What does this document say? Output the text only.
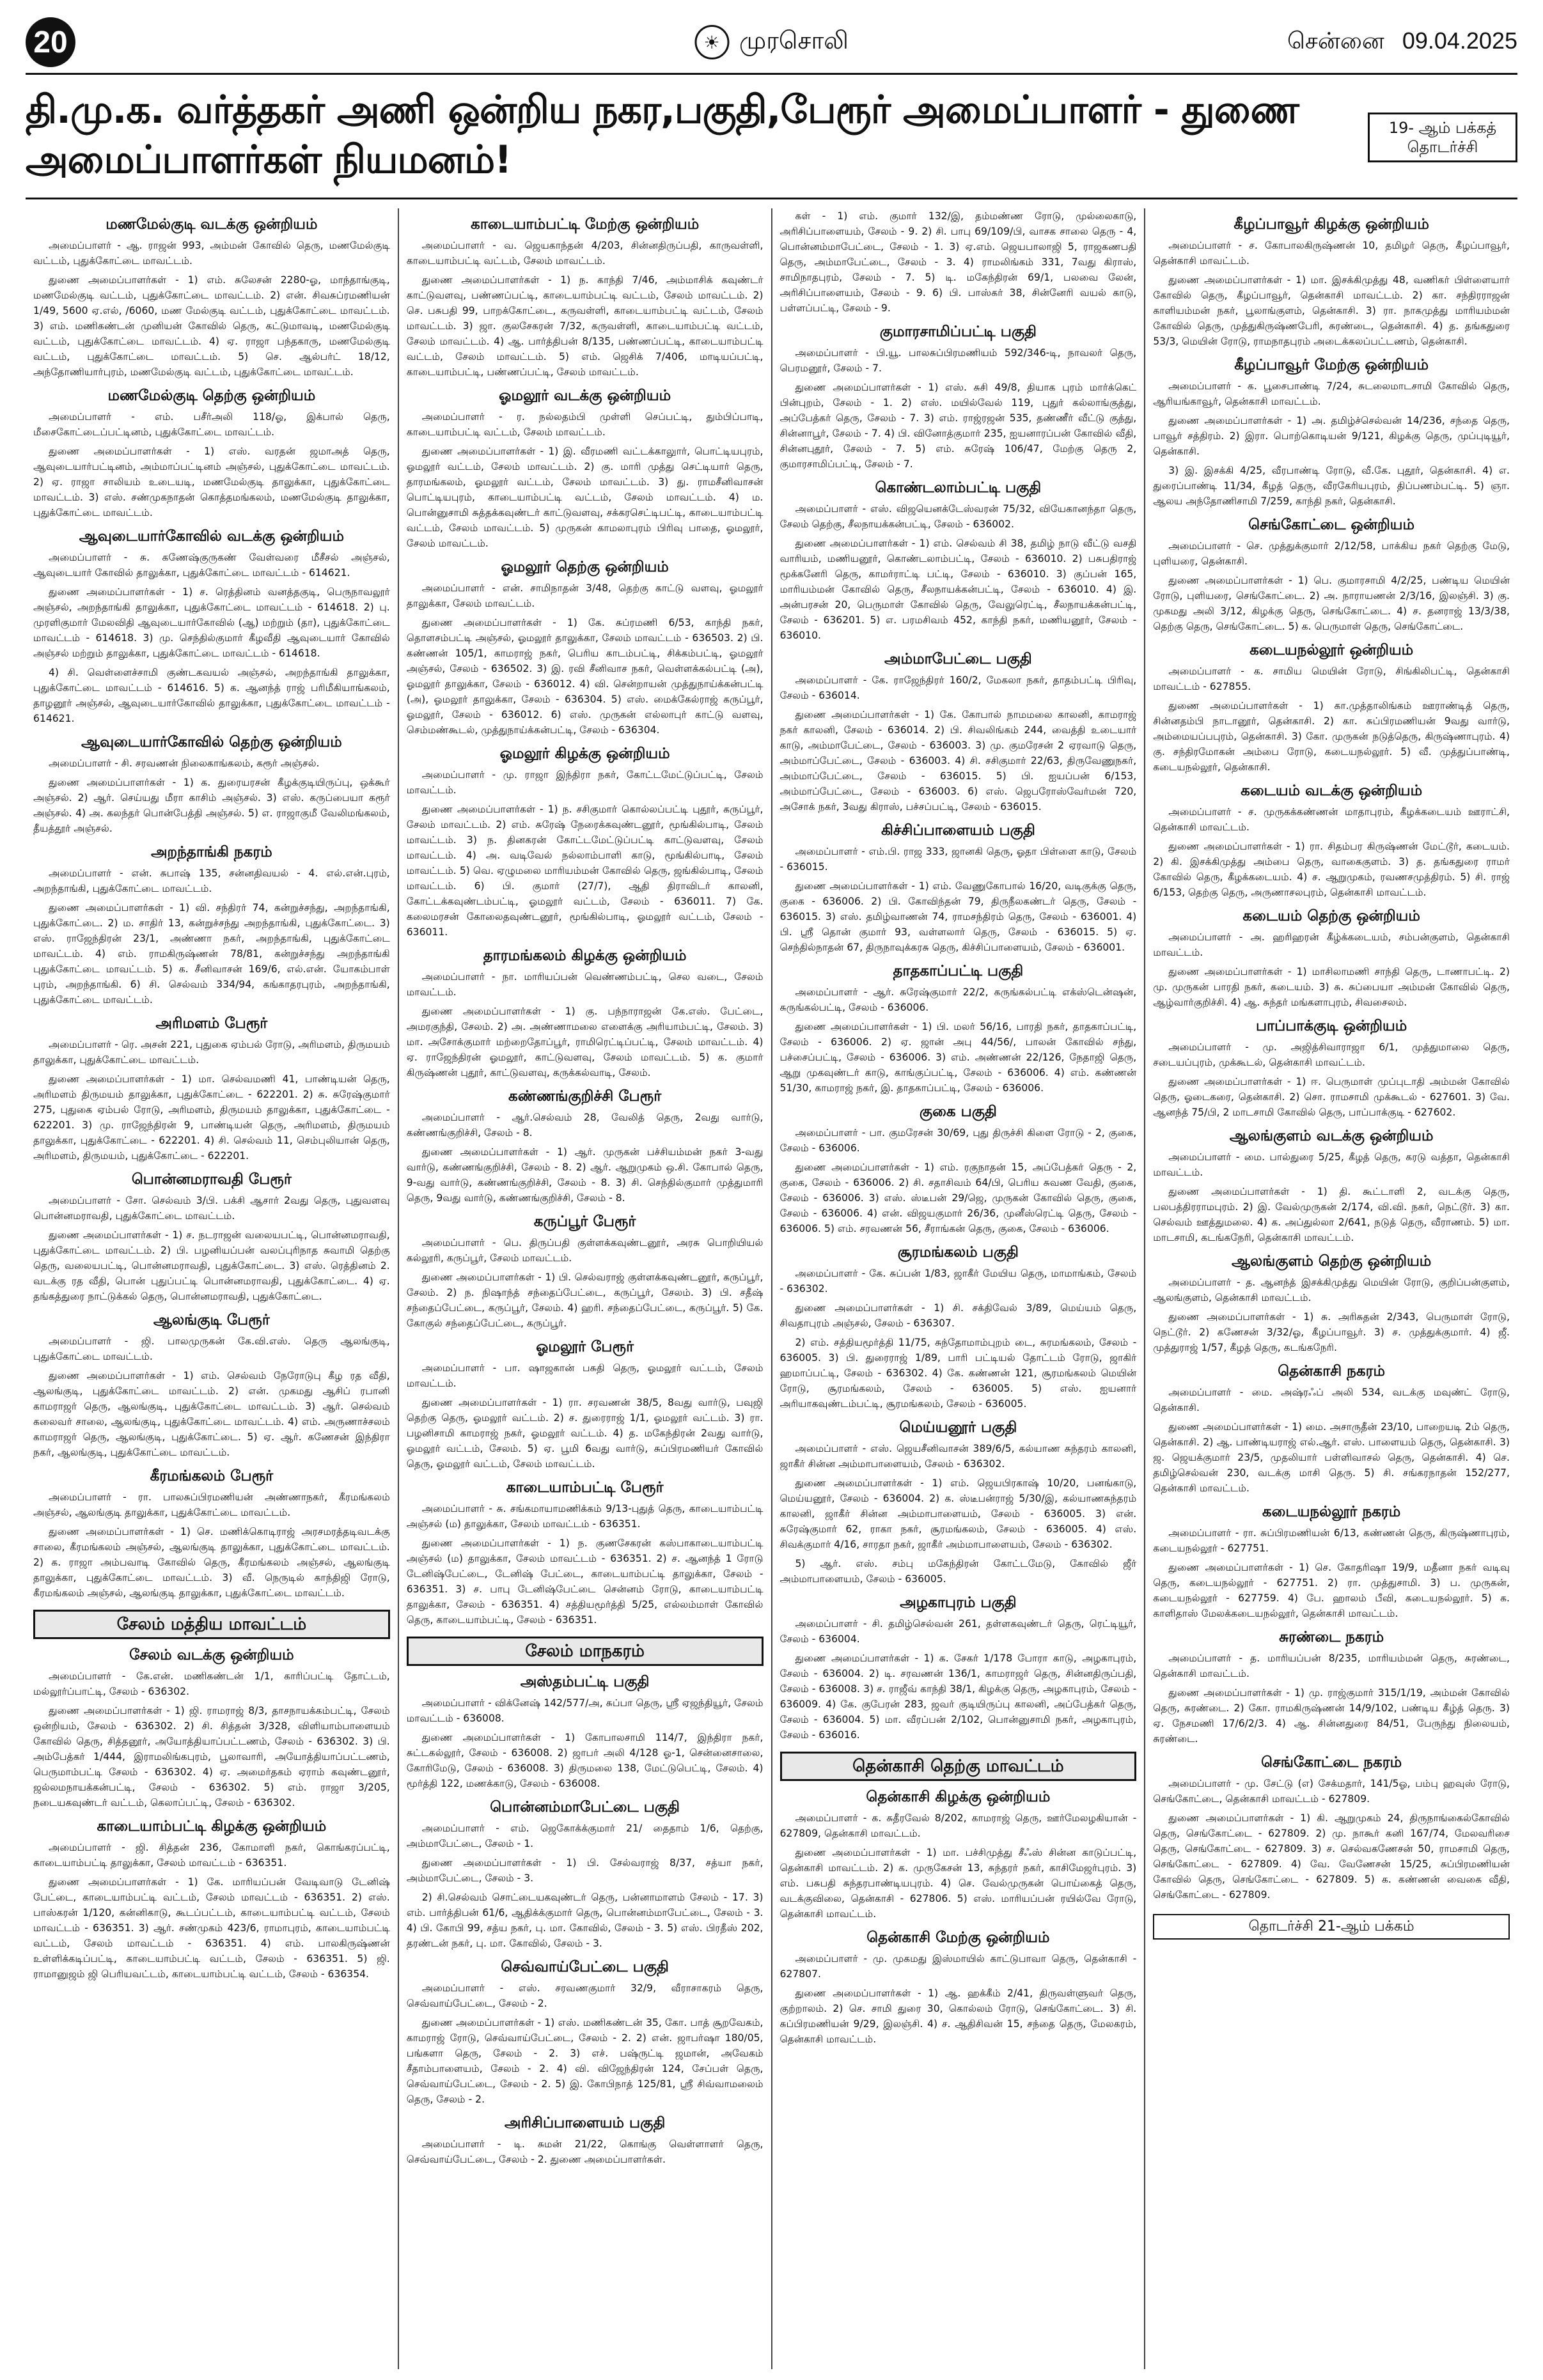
20	☀ முரசொலி	சென்னை 09.04.2025
தி.மு.க. வர்த்தகர் அணி ஒன்றிய நகர,பகுதி,பேரூர் அமைப்பாளர் - துணை அமைப்பாளர்கள் நியமனம்!
19- ஆம் பக்கத் தொடர்ச்சி
மணமேல்குடி வடக்கு ஒன்றியம்
அமைப்பாளர் - ஆ. ராஜன் 993, அம்மன் கோவில் தெரு, மணமேல்குடி வட்டம், புதுக்கோட்டை மாவட்டம்.
துணை அமைப்பாளர்கள் - 1) எம். சுலேசன் 2280-ஓ, மாந்தாங்குடி, மணமேல்குடி வட்டம், புதுக்கோட்டை மாவட்டம். 2) என். சிவசுப்ரமணியன் 1/49, 5600 ஏ.எல், /6060, மண மேல்குடி வட்டம், புதுக்கோட்டை மாவட்டம். 3) எம். மணிகண்டன் முனியன் கோவில் தெரு, கட்டுமாவடி, மணமேல்குடி வட்டம், புதுக்கோட்டை மாவட்டம். 4) ஏ. ராஜா பந்தகாரு, மணமேல்குடி வட்டம், புதுக்கோட்டை மாவட்டம். 5) செ. ஆல்பர்ட் 18/12, அந்தோணியார்புரம், மணமேல்குடி வட்டம், புதுக்கோட்டை மாவட்டம்.
மணமேல்குடி தெற்கு ஒன்றியம்
அமைப்பாளர் - எம். பசீர்அலி 118/ஓ, இக்பால் தெரு, மீசைகோட்டைப்பட்டினம், புதுக்கோட்டை மாவட்டம்.
துணை அமைப்பாளர்கள் - 1) எஸ். வரதன் ஜமாஅத் தெரு, ஆவுடையார்பட்டினம், அம்மாப்பட்டினம் அஞ்சல், புதுக்கோட்டை மாவட்டம். 2) ஏ. ராஜா சாலியம் உடையடி, மணமேல்குடி தாலுக்கா, புதுக்கோட்டை மாவட்டம். 3) எஸ். சண்முகநாதன் கொத்தமங்கலம், மணமேல்குடி தாலுக்கா, புதுக்கோட்டை மாவட்டம்.
ஆவுடையார்கோவில் வடக்கு ஒன்றியம்
அமைப்பாளர் - சு. கணேஷ்குருகண் வேள்வரை மீசீசல் அஞ்சல், ஆவுடையார் கோவில் தாலுக்கா, புதுக்கோட்டை மாவட்டம் - 614621.
துணை அமைப்பாளர்கள் - 1) ச. ரெத்தினம் வனத்தகுடி, பெருநாவலூர் அஞ்சல், அறந்தாங்கி தாலுக்கா, புதுக்கோட்டை மாவட்டம் - 614618. 2) பு. முரளிகுமார் மேலவிதி ஆவுடையார்கோவில் (ஆ) மற்றும் (தா), புதுக்கோட்டை மாவட்டம் - 614618. 3) மு. செந்தில்குமார் கீழவீதி ஆவுடையார் கோவில் அஞ்சல் மற்றும் தாலுக்கா, புதுக்கோட்டை மாவட்டம் - 614618.
4) சி. வெள்ளைச்சாமி குண்டகவயல் அஞ்சல், அறந்தாங்கி தாலுக்கா, புதுக்கோட்டை மாவட்டம் - 614616. 5) க. ஆனந்த் ராஜ் பரிமீகியாங்கலம், தாழனூர் அஞ்சல், ஆவுடையார்கோவில் தாலுக்கா, புதுக்கோட்டை மாவட்டம் - 614621.
ஆவுடையார்கோவில் தெற்கு ஒன்றியம்
அமைப்பாளர் - சி. சரவணன் நிலைகாங்கலம், கரூர் அஞ்சல்.
துணை அமைப்பாளர்கள் - 1) க. துரையரசன் கீழக்குடியிருப்பு, ஒக்கூர் அஞ்சல். 2) ஆர். செய்யது மீரா காசிம் அஞ்சல். 3) எஸ். கருப்பையா கரூர் அஞ்சல். 4) அ. கலந்தர் பொன்பேத்தி அஞ்சல். 5) எ. ராஜாகுமீ வேலிமங்கலம், தீயத்தூர் அஞ்சல்.
அறந்தாங்கி நகரம்
அமைப்பாளர் - என். சுபாஷ் 135, சன்னதிவயல் - 4. எல்.என்.புரம், அறந்தாங்கி, புதுக்கோட்டை மாவட்டம்.
துணை அமைப்பாளர்கள் - 1) வி. சந்திரர் 74, கன்றுச்சந்து, அறந்தாங்கி, புதுக்கோட்டை. 2) ம. சாதிர் 13, கன்றுச்சந்து அறந்தாங்கி, புதுக்கோட்டை. 3) எஸ். ராஜேந்திரன் 23/1, அண்ணா நகர், அறந்தாங்கி, புதுக்கோட்டை மாவட்டம். 4) எம். ராமகிருஷ்ணன் 78/81, கன்றுச்சந்து அறந்தாங்கி புதுக்கோட்டை மாவட்டம். 5) க. சீனிவாசன் 169/6, எல்.என். யோகம்பாள் புரம், அறந்தாங்கி. 6) சி. செல்வம் 334/94, கங்காதரபுரம், அறந்தாங்கி, புதுக்கோட்டை மாவட்டம்.
அரிமளம் பேரூர்
அமைப்பாளர் - ரெ. அசன் 221, புதுகை ஏம்பல் ரோடு, அரிமளம், திருமயம் தாலுக்கா, புதுக்கோட்டை மாவட்டம்.
துணை அமைப்பாளர்கள் - 1) மா. செல்வமணி 41, பாண்டியன் தெரு, அரிமளம் திருமயம் தாலுக்கா, புதுக்கோட்டை - 622201. 2) சு. சுரேஷ்குமார் 275, புதுகை ஏம்பல் ரோடு, அரிமளம், திருமயம் தாலுக்கா, புதுக்கோட்டை - 622201. 3) மு. ராஜேந்திரன் 9, பாண்டியன் தெரு, அரிமளம், திருமயம் தாலுக்கா, புதுக்கோட்டை - 622201. 4) சி. செல்வம் 11, செம்புலியான் தெரு, அரிமளம், திருமயம், புதுக்கோட்டை - 622201.
பொன்னமராவதி பேரூர்
அமைப்பாளர் - சோ. செல்வம் 3/பி. பக்சி ஆசார் 2வது தெரு, புதுவளவு பொன்னமராவதி, புதுக்கோட்டை மாவட்டம்.
துணை அமைப்பாளர்கள் - 1) ச. நடராஜன் வலையபட்டி, பொன்னமராவதி, புதுக்கோட்டை மாவட்டம். 2) பி. பழனியப்பன் வலப்புரிநாத சுவாமி தெற்கு தெரு, வலையபட்டி, பொன்னமராவதி, புதுக்கோட்டை. 3) எஸ். ரெத்தினம் 2. வடக்கு ரத வீதி, பொன் புதுப்பட்டி பொன்னமராவதி, புதுக்கோட்டை. 4) ஏ. தங்கத்துரை நாட்டுக்கல் தெரு, பொன்னமராவதி, புதுக்கோட்டை.
ஆலங்குடி பேரூர்
அமைப்பாளர் - ஜி. பாலமுருகன் கே.வி.எஸ். தெரு ஆலங்குடி, புதுக்கோட்டை மாவட்டம்.
துணை அமைப்பாளர்கள் - 1) எம். செல்வம் நேரோடுபு கீழ ரத வீதி, ஆலங்குடி, புதுக்கோட்டை மாவட்டம். 2) என். முகமது ஆசிப் ரபானி காமராஜர் தெரு, ஆலங்குடி, புதுக்கோட்டை மாவட்டம். 3) ஆர். செல்வம் கலைவர் சாலை, ஆலங்குடி, புதுக்கோட்டை மாவட்டம். 4) எம். அருணாச்சலம் காமராஜர் தெரு, ஆலங்குடி, புதுக்கோட்டை. 5) ஏ. ஆர். கணேசன் இந்திரா நகர், ஆலங்குடி, புதுக்கோட்டை மாவட்டம்.
கீரமங்கலம் பேரூர்
அமைப்பாளர் - ரா. பாலசுப்பிரமணியன் அண்ணாநகர், கீரமங்கலம் அஞ்சல், ஆலங்குடி தாலுக்கா, புதுக்கோட்டை மாவட்டம்.
துணை அமைப்பாளர்கள் - 1) செ. மணிக்கொடிராஜ் அரசமரத்தடிவடக்கு சாலை, கீரமங்கலம் அஞ்சல், ஆலங்குடி தாலுக்கா, புதுக்கோட்டை மாவட்டம். 2) க. ராஜா அம்பவாடி கோவில் தெரு, கீரமங்கலம் அஞ்சல், ஆலங்குடி தாலுக்கா, புதுக்கோட்டை மாவட்டம். 3) வீ. நெருடில் காந்திஜி ரோடு, கீரமங்கலம் அஞ்சல், ஆலங்குடி தாலுக்கா, புதுக்கோட்டை மாவட்டம்.
சேலம் மத்திய மாவட்டம்
சேலம் வடக்கு ஒன்றியம்
அமைப்பாளர் - கே.என். மணிகண்டன் 1/1, காரிப்பட்டி தோட்டம், மல்லூர்ப்பாட்டி, சேலம் - 636302.
துணை அமைப்பாளர்கள் - 1) ஜி. ராமராஜ் 8/3, தாசநாயக்கம்பட்டி, சேலம் ஒன்றியம், சேலம் - 636302. 2) சி. சித்தன் 3/328, விளியாம்பாளையம் கோவில் தெரு, சித்தனூர், அயோத்தியாப்பட்டணம், சேலம் - 636302. 3) பி. அம்பேத்கர் 1/444, இராமலிங்கபுரம், பூலாவாரி, அயோத்தியாப்பட்டணம், பெருமாம்பட்டி சேலம் - 636302. 4) ஏ. அமைர்தகம் ஏராம் கவுண்டனூர், ஜல்லமநாயக்கன்பட்டி, சேலம் - 636302. 5) எம். ராஜா 3/205, நடையகவுண்டர் வட்டம், கெலாப்பட்டி, சேலம் - 636302.
காடையாம்பட்டி கிழக்கு ஒன்றியம்
அமைப்பாளர் - ஜி. சித்தன் 236, கோமாளி நகர், கொங்கரப்பட்டி, காடையாம்பட்டி தாலுக்கா, சேலம் மாவட்டம் - 636351.
துணை அமைப்பாளர்கள் - 1) கே. மாரியப்பன் வேடிவாடு டேனிஷ் பேட்டை, காடையாம்பட்டி வட்டம், சேலம் மாவட்டம் - 636351. 2) எஸ். பாஸ்கரன் 1/120, கன்னிகாடு, கூடப்பட்டம், காடையாம்பட்டி வட்டம், சேலம் மாவட்டம் - 636351. 3) ஆர். சண்முகம் 423/6, ராமாபுரம், காடையாம்பட்டி வட்டம், சேலம் மாவட்டம் - 636351. 4) எம். பாலகிருஷ்ணன் உள்ளிக்கடிப்பட்டி, காடையாம்பட்டி வட்டம், சேலம் - 636351. 5) ஜி. ராமானுஜம் ஜி பெரியவட்டம், காடையாம்பட்டி வட்டம், சேலம் - 636354.
காடையாம்பட்டி மேற்கு ஒன்றியம்
அமைப்பாளர் - வ. ஜெயகாந்தன் 4/203, சின்னதிருப்பதி, காருவள்ளி, காடையாம்பட்டி வட்டம், சேலம் மாவட்டம்.
துணை அமைப்பாளர்கள் - 1) ந. காந்தி 7/46, அம்மாசிக் கவுண்டர் காட்டுவளவு, பண்ணப்பட்டி, காடையாம்பட்டி வட்டம், சேலம் மாவட்டம். 2) செ. பசுபதி 99, பாறக்கோட்டை, கருவள்ளி, காடையாம்பட்டி வட்டம், சேலம் மாவட்டம். 3) ஜா. குலசேகரன் 7/32, கருவள்ளி, காடையாம்பட்டி வட்டம், சேலம் மாவட்டம். 4) ஆ. பார்த்திபன் 8/135, பண்ணப்பட்டி, காடையாம்பட்டி வட்டம், சேலம் மாவட்டம். 5) எம். ஜெசிக் 7/406, மாடியப்பட்டி, காடையாம்பட்டி, பண்ணப்பட்டி, சேலம் மாவட்டம்.
ஓமலூர் வடக்கு ஒன்றியம்
அமைப்பாளர் - ர. நல்லதம்பி முள்ளி செப்பட்டி, தும்பிப்பாடி, காடையாம்பட்டி வட்டம், சேலம் மாவட்டம்.
துணை அமைப்பாளர்கள் - 1) இ. வீரமணி வட்டக்காலுார், பொட்டியபுரம், ஓமலூர் வட்டம், சேலம் மாவட்டம். 2) கு. மாரி முத்து செட்டியார் தெரு, தாரமங்கலம், ஓமலூர் வட்டம், சேலம் மாவட்டம். 3) து. ராமசீனிவாசன் பொட்டியபுரம், காடையாம்பட்டி வட்டம், சேலம் மாவட்டம். 4) ம. பொன்னுசாமி சுத்தக்கவுண்டர் காட்டுவளவு, சக்கரசெட்டிபட்டி, காடையாம்பட்டி வட்டம், சேலம் மாவட்டம். 5) முருகன் காமலாபுரம் பிரிவு பாதை, ஓமலூர், சேலம் மாவட்டம்.
ஓமலூர் தெற்கு ஒன்றியம்
அமைப்பாளர் - என். சாமிநாதன் 3/48, தெற்கு காட்டு வளவு, ஓமலூர் தாலுக்கா, சேலம் மாவட்டம்.
துணை அமைப்பாளர்கள் - 1) கே. சுப்ரமணி 6/53, காந்தி நகர், தொளசம்பட்டி அஞ்சல், ஓமலூர் தாலுக்கா, சேலம் மாவட்டம் - 636503. 2) பி. கண்ணன் 105/1, காமராஜ் நகர், பெரிய காடம்பட்டி, சிக்கம்பட்டி, ஓமலூர் அஞ்சல், சேலம் - 636502. 3) இ. ரவி சீனிவாச நகர், வெள்ளக்கல்பட்டி (அ), ஓமலூர் தாலுக்கா, சேலம் - 636012. 4) வி. சென்றாயன் முத்துநாய்க்கன்பட்டி (அ), ஓமலூர் தாலுக்கா, சேலம் - 636304. 5) எஸ். மைக்கேல்ராஜ் கருப்பூர், ஓமலூர், சேலம் - 636012. 6) எஸ். முருகன் எல்லாபுர் காட்டு வளவு, செம்மண்கூடல், முத்துநாய்க்கன்பட்டி, சேலம் - 636304.
ஓமலூர் கிழக்கு ஒன்றியம்
அமைப்பாளர் - மு. ராஜா இந்திரா நகர், கோட்டமேட்டுப்பட்டி, சேலம் மாவட்டம்.
துணை அமைப்பாளர்கள் - 1) ந. சசிகுமார் கொல்லப்பட்டி புதூர், கருப்பூர், சேலம் மாவட்டம். 2) எம். சுரேஷ் நேரைக்கவுண்டனூர், மூங்கில்பாடி, சேலம் மாவட்டம். 3) ந. தினகரன் கோட்டமேட்டுப்பட்டி காட்டுவளவு, சேலம் மாவட்டம். 4) அ. வடிவேல் நல்லாம்பாளி காடு, மூங்கில்பாடி, சேலம் மாவட்டம். 5) வெ. ஏழுமலை மாரியம்மன் கோவில் தெரு, ஜங்கில்பாடி, சேலம் மாவட்டம். 6) பி. குமார் (27/7), ஆதி திராவிடர் காலனி, கோட்டக்கவுண்டம்பட்டி, ஓமலூர் வட்டம், சேலம் - 636011. 7) கே. கலைமரசன் கோலைதவுண்டனூர், மூங்கில்பாடி, ஓமலூர் வட்டம், சேலம் - 636011.
தாரமங்கலம் கிழக்கு ஒன்றியம்
அமைப்பாளர் - நா. மாரியப்பன் வெண்ணம்பட்டி, செல வடை, சேலம் மாவட்டம்.
துணை அமைப்பாளர்கள் - 1) கு. பந்நாராஜன் கே.எஸ். பேட்டை, அமரகுந்தி, சேலம். 2) அ. அண்ணாமலை எளைக்கு அரியாம்பட்டி, சேலம். 3) மா. அசோக்குமார் மற்றைதோப்பூர், ராமிரெட்டிப்பட்டி, சேலம் மாவட்டம். 4) ஏ. ராஜேந்திரன் ஓமலூர், காட்டுவளவு, சேலம் மாவட்டம். 5) க. குமார் கிருஷ்ணன் புதூர், காட்டுவளவு, கருக்கல்வாடி, சேலம்.
கண்ணங்குறிச்சி பேரூர்
அமைப்பாளர் - ஆர்.செல்வம் 28, வேலித் தெரு, 2வது வார்டு, கண்ணங்குறிச்சி, சேலம் - 8.
துணை அமைப்பாளர்கள் - 1) ஆர். முருகன் பச்சியம்மன் நகர் 3-வது வார்டு, கண்ணங்குறிச்சி, சேலம் - 8. 2) ஆர். ஆறுமுகம் ஒ.சி. கோபால் தெரு, 9-வது வார்டு, கண்ணங்குறிச்சி, சேலம் - 8. 3) சி. செந்தில்குமார் முத்துமாரி தெரு, 9வது வார்டு, கண்ணங்குறிச்சி, சேலம் - 8.
கருப்பூர் பேரூர்
அமைப்பாளர் - பெ. திருப்பதி குள்ளக்கவுண்டனூர், அரசு பொறியியல் கல்லூரி, கருப்பூர், சேலம் மாவட்டம்.
துணை அமைப்பாளர்கள் - 1) பி. செல்வராஜ் குள்ளக்கவுண்டனூர், கருப்பூர், சேலம். 2) ந. நிஷாந்த் சந்தைப்பேட்டை, கருப்பூர், சேலம். 3) பி. சதீஷ் சந்தைப்பேட்டை, கருப்பூர், சேலம். 4) ஹரி. சந்தைப்பேட்டை, கருப்பூர். 5) கே. கோகுல் சந்தைப்பேட்டை, கருப்பூர்.
ஓமலூர் பேரூர்
அமைப்பாளர் - பா. ஷாஜகான் பசுதி தெரு, ஓமலூர் வட்டம், சேலம் மாவட்டம்.
துணை அமைப்பாளர்கள் - 1) ரா. சரவணன் 38/5, 8வது வார்டு, பவுஜி தெற்கு தெரு, ஓமலூர் வட்டம். 2) ச. துரைராஜ் 1/1, ஓமலூர் வட்டம். 3) ரா. பழனிசாமி காமராஜ் நகர், ஓமலூர் வட்டம். 4) த. மகேந்திரன் 2வது வார்டு, ஓமலூர் வட்டம், சேலம். 5) ஏ. பூமி 6வது வார்டு, சுப்பிரமணியர் கோவில் தெரு, ஓமலூர் வட்டம், சேலம் மாவட்டம்.
காடையாம்பட்டி பேரூர்
அமைப்பாளர் - சு. சங்கமாயாமணிக்கம் 9/13-புதுத் தெரு, காடையாம்பட்டி அஞ்சல் (ம) தாலுக்கா, சேலம் மாவட்டம் - 636351.
துணை அமைப்பாளர்கள் - 1) ந. குணசேகரன் கஸ்பாகாடையாம்பட்டி அஞ்சல் (ம) தாலுக்கா, சேலம் மாவட்டம் - 636351. 2) ச. ஆனந்த் 1 ரோடு டேனிஷ்பேட்டை, டேனிஷ் பேட்டை, காடையாம்பட்டி தாலுக்கா, சேலம் - 636351. 3) ச. பாபு டேனிஷ்பேட்டை சென்னம் ரோடு, காடையாம்பட்டி தாலுக்கா, சேலம் - 636351. 4) சத்தியமூர்த்தி 5/25, எல்லம்மாள் கோவில் தெரு, காடையாம்பட்டி, சேலம் - 636351.
சேலம் மாநகரம்
அஸ்தம்பட்டி பகுதி
அமைப்பாளர் - விக்னேஷ் 142/577/அ, சுப்பா தெரு, ஸ்ரீ ஏஜந்தியூர், சேலம் மாவட்டம் - 636008.
துணை அமைப்பாளர்கள் - 1) கோபாலசாமி 114/7, இந்திரா நகர், சுட்டகல்லூர், சேலம் - 636008. 2) ஜாபர் அலி 4/128 ஓ-1, சென்னைசாலை, கோரிமேடு, சேலம் - 636008. 3) திருமலை 138, மேட்டுபெட்டி, சேலம். 4) மூர்த்தி 122, மணக்காடு, சேலம் - 636008.
பொன்னம்மாபேட்டை பகுதி
அமைப்பாளர் - எம். ஜெகோக்க்குமார் 21/ தைதாம் 1/6, தெற்கு, அம்மாபேட்டை, சேலம் - 1.
துணை அமைப்பாளர்கள் - 1) பி. சேல்வராஜ் 8/37, சத்யா நகர், அம்மாபேட்டை, சேலம் - 3.
2) சி.செல்வம் சொட்டையகவுண்டர் தெரு, பன்னாமாளம் சேலம் - 17. 3) எம். பார்த்திபன் 61/6, ஆதிக்க்குமார் தெரு, பொன்னம்மாபேட்டை, சேலம் - 3. 4) பி. கோபி 99, சத்ய நகர், பு. மா. கோவில், சேலம் - 3. 5) எஸ். பிரதீஸ் 202, தரண்டன் நகர், பு. மா. கோவில், சேலம் - 3.
செவ்வாய்பேட்டை பகுதி
அமைப்பாளர் - எஸ். சரவணகுமார் 32/9, வீராசாகரம் தெரு, செவ்வாய்பேட்டை, சேலம் - 2.
துணை அமைப்பாளர்கள் - 1) எஸ். மணிகண்டன் 35, கோ. பாத் சூறவேகம், காமராஜ் ரோடு, செவ்வாய்பேட்டை, சேலம் - 2. 2) என். ஜாபர்ஷா 180/05, பங்களா தெரு, சேலம் - 2. 3) எச். பஷ்ருட்டி ஜமான், அவேகம் சீதாம்பாளையம், சேலம் - 2. 4) வி. விஜேந்திரன் 124, சேப்பள் தெரு, செவ்வாய்பேட்டை, சேலம் - 2. 5) இ. கோபிநாத் 125/81, ஸ்ரீ சிவ்வாமலைம் தெரு, சேலம் - 2.
அரிசிப்பாளையம் பகுதி
அமைப்பாளர் - டி. சுமன் 21/22, கொங்கு வெள்ளாளர் தெரு, செவ்வாய்பேட்டை, சேலம் - 2. துணை அமைப்பாளர்கள்.
கள் - 1) எம். குமார் 132/இ, தம்மண்ண ரோடு, முல்லைகாடு, அரிசிப்பாளையம், சேலம் - 9. 2) சி. பாபு 69/109/பி, வாசக சாலை தெரு - 4, பொன்னம்மாபேட்டை, சேலம் - 1. 3) ஏ.எம். ஜெயபாலாஜி 5, ராஜகணபதி தெரு, அம்மாபேட்டை, சேலம் - 3. 4) ராமலிங்கம் 331, 7வது கிராஸ், சாமிநாதபுரம், சேலம் - 7. 5) டி. மகேந்திரன் 69/1, பலவை லேன், அரிசிப்பாளையம், சேலம் - 9. 6) பி. பாஸ்கர் 38, சின்னேரி வயல் காடு, பள்ளப்பட்டி, சேலம் - 9.
குமாரசாமிப்பட்டி பகுதி
அமைப்பாளர் - பி.யூ. பாலசுப்பிரமணியம் 592/346-டி, நாவலர் தெரு, பெரமனூர், சேலம் - 7.
துணை அமைப்பாளர்கள் - 1) எஸ். சுசி 49/8, தியாக புரம் மார்க்கெட் பின்புறம், சேலம் - 1. 2) எஸ். மயில்வேல் 119, புதுர் கல்லாங்குத்து, அப்பேத்கர் தெரு, சேலம் - 7. 3) எம். ராஜ்ரஜன் 535, தண்ணீர் வீட்டு குத்து, சின்னாபூர், சேலம் - 7. 4) பி. வினோத்குமார் 235, ஐயனாரப்பன் கோவில் வீதி, சின்னபுதூர், சேலம் - 7. 5) எம். சுரேஷ் 106/47, மேற்கு தெரு 2, குமாரசாமிப்பட்டி, சேலம் - 7.
கொண்டலாம்பட்டி பகுதி
அமைப்பாளர் - எஸ். விஜயெனக்டேஸ்வரன் 75/32, வியேகானந்தா தெரு, சேலம் தெற்கு, சீலநாயக்கன்பட்டி, சேலம் - 636002.
துணை அமைப்பாளர்கள் - 1) எம். செல்வம் சி 38, தமிழ் நாடு வீட்டு வசதி வாரியம், மணியனூர், கொண்டலாம்பட்டி, சேலம் - 636010. 2) பசுபதிராஜ் மூக்கனேரி தெரு, காமர்ராட்டி பட்டி, சேலம் - 636010. 3) குப்பன் 165, மாரியம்மன் கோவில் தெரு, சீலநாயக்கன்பட்டி, சேலம் - 636010. 4) இ. அன்பரசன் 20, பெருமாள் கோவில் தெரு, வேலுரெட்டி, சீலநாயக்கன்பட்டி, சேலம் - 636201. 5) எ. பரமசிவம் 452, காந்தி நகர், மணியனூர், சேலம் - 636010.
அம்மாபேட்டை பகுதி
அமைப்பாளர் - கே. ராஜேந்திரர் 160/2, மேகலா நகர், தாதம்பட்டி பிரிவு, சேலம் - 636014.
துணை அமைப்பாளர்கள் - 1) கே. கோபால் நாமமலை காலனி, காமராஜ் நகர் காலனி, சேலம் - 636014. 2) பி. சிவலிங்கம் 244, வைத்தி உடையார் காடு, அம்மாபேட்டை, சேலம் - 636003. 3) மு. குமரேசன் 2 ஏரவாடு தெரு, அம்மாப்பேட்டை, சேலம் - 636003. 4) சி. சசிகுமார் 22/63, திருவேணுநகர், அம்மாப்பேட்டை, சேலம் - 636015. 5) பி. ஐயப்பன் 6/153, அம்மாப்பேட்டை, சேலம் - 636003. 6) எஸ். ஜெபரோஸ்வேர்மன் 720, அசோக் நகர், 3வது கிராஸ், பச்சப்பட்டி, சேலம் - 636015.
கிச்சிப்பாளையம் பகுதி
அமைப்பாளர் - எம்.பி. ராஜ 333, ஜானகி தெரு, ஓதா பிள்ளை காடு, சேலம் - 636015.
துணை அமைப்பாளர்கள் - 1) எம். வேணுகோபால் 16/20, வடிகுக்கு தெரு, குகை - 636006. 2) பி. கோவிந்தன் 79, திருநீலகண்டர் தெரு, சேலம் - 636015. 3) எஸ். தமிழ்வாணன் 74, ராமசந்திரம் தெரு, சேலம் - 636001. 4) பி. ஸ்ரீ தொன் குமார் 93, வள்ளலார் தெரு, சேலம் - 636015. 5) ஏ. செந்தில்நாதன் 67, திருநாவுக்கரசு தெரு, கிச்சிப்பாளையம், சேலம் - 636001.
தாதகாப்பட்டி பகுதி
அமைப்பாளர் - ஆர். சுரேஷ்குமார் 22/2, கருங்கல்பட்டி எக்ஸ்டென்ஷன், சுருங்கல்பட்டி, சேலம் - 636006.
துணை அமைப்பாளர்கள் - 1) பி. மலர் 56/16, பாரதி நகர், தாதகாப்பட்டி, சேலம் - 636006. 2) ஏ. ஜான் அபு 44/56/, பாலன் கோவில் சந்து, பச்சைப்பட்டி, சேலம் - 636006. 3) எம். அண்ணன் 22/126, நேதாஜி தெரு, ஆறு முகவுண்டர் காடு, காங்குப்பட்டி, சேலம் - 636006. 4) எம். கண்ணன் 51/30, காமராஜ் நகர், இ. தாதகாப்பட்டி, சேலம் - 636006.
குகை பகுதி
அமைப்பாளர் - பா. குமரேசன் 30/69, புது திருச்சி கிளை ரோடு - 2, குகை, சேலம் - 636006.
துணை அமைப்பாளர்கள் - 1) எம். ரகுநாதன் 15, அப்பேத்கர் தெரு - 2, குகை, சேலம் - 636006. 2) சி. சதாசிவம் 64/பி, பெரிய சுவண வேதி, குகை, சேலம் - 636006. 3) எஸ். ஸ்டீபன் 29/ஜெ, முருகன் கோவில் தெரு, குகை, சேலம் - 636006. 4) என். விஜயகுமார் 26/36, முனீஸ்ரெட்டி தெரு, சேலம் - 636006. 5) எம். சரவணன் 56, சீராங்கன் தெரு, குகை, சேலம் - 636006.
சூரமங்கலம் பகுதி
அமைப்பாளர் - கே. சுப்பன் 1/83, ஜாகீர் மேயிய தெரு, மாமாங்கம், சேலம் - 636302.
துணை அமைப்பாளர்கள் - 1) சி. சக்திவேல் 3/89, மெய்யம் தெரு, சிவதாபுரம் அஞ்சல், சேலம் - 636307.
2) எம். சத்தியமூர்த்தி 11/75, சுந்தோமாம்புறம் டை, சுரமங்கலம், சேலம் - 636005. 3) பி. துரைராஜ் 1/89, பாரி பட்டியல் தோட்டம் ரோடு, ஜாகிர் ஹமாப்பட்டி, சேலம் - 636302. 4) கே. கண்ணன் 121, சூரமங்கலம் மெயின் ரோடு, சூரமங்கலம், சேலம் - 636005. 5) எஸ். ஐயனார் அரியாகவுண்டம்பட்டி, சூரமங்கலம், சேலம் - 636005.
மெய்யனூர் பகுதி
அமைப்பாளர் - எஸ். ஜெயசீனிவாசன் 389/6/5, கல்யாண சுந்தரம் காலனி, ஜாகீர் சின்ன அம்மாபாளையம், சேலம் - 636302.
துணை அமைப்பாளர்கள் - 1) எம். ஜெயபிரகாஷ் 10/20, பனங்காடு, மெய்யனூர், சேலம் - 636004. 2) க. ஸ்டீபன்ராஜ் 5/30/இ, கல்யாணசுந்தரம் காலனி, ஜாகீர் சின்ன அம்மாபாளையம், சேலம் - 636005. 3) என். சுரேஷ்குமார் 62, ராகா நகர், சூரமங்கலம், சேலம் - 636005. 4) எஸ். சிவக்குமார் 4/16, சாரதா நகர், ஜாகீர் அம்மாபாளையம், சேலம் - 636302.
5) ஆர். எஸ். சம்பு மகேந்திரன் கோட்டமேடு, கோவில் ஜீர் அம்மாபாளையம், சேலம் - 636005.
அழகாபுரம் பகுதி
அமைப்பாளர் - சி. தமிழ்செல்வன் 261, தள்ளகவுண்டர் தெரு, ரெட்டியூர், சேலம் - 636004.
துணை அமைப்பாளர்கள் - 1) க. சேகர் 1/178 போரா காடு, அழகாபுரம், சேலம் - 636004. 2) டி. சரவணன் 136/1, காமராஜர் தெரு, சின்னதிருப்பதி, சேலம் - 636008. 3) ச. ராஜீவ் காந்தி 38/1, கிழக்கு தெரு, அழகாபுரம், சேலம் - 636009. 4) கே. குபேரன் 283, ஜவர் குடியிருப்பு காலனி, அப்பேத்கர் தெரு, சேலம் - 636004. 5) மா. வீரப்பன் 2/102, பொன்னுசாமி நகர், அழகாபுரம், சேலம் - 636016.
தென்காசி தெற்கு மாவட்டம்
தென்காசி கிழக்கு ஒன்றியம்
அமைப்பாளர் - க. சுதீரவேல் 8/202, காமராஜ் தெரு, ஊர்மேலழகியான் - 627809, தென்காசி மாவட்டம்.
துணை அமைப்பாளர்கள் - 1) மா. பச்சிமுத்து சீஃஸ் சின்ன காடுப்பட்டி, தென்காசி மாவட்டம். 2) க. முருகேசன் 13, சுந்தரர் நகர், காசிமேஜர்புரம். 3) எம். பசுபதி சுந்தரபாண்டியபுரம். 4) செ. வேல்முருகன் பொய்கைத் தெரு, வடக்குவிலை, தென்காசி - 627806. 5) எஸ். மாரியப்பன் ரயில்வே ரோடு, தென்காசி மாவட்டம்.
தென்காசி மேற்கு ஒன்றியம்
அமைப்பாளர் - மு. முகமது இஸ்மாயில் காட்டுபாவா தெரு, தென்காசி - 627807.
துணை அமைப்பாளர்கள் - 1) ஆ. ஹக்கீம் 2/41, திருவள்ளுவர் தெரு, குற்றாலம். 2) செ. சாமி துரை 30, கொல்லம் ரோடு, செங்கோட்டை. 3) சி. சுப்பிரமணியன் 9/29, இலஞ்சி. 4) ச. ஆதிசிவன் 15, சந்தை தெரு, மேலகரம், தென்காசி மாவட்டம்.
கீழப்பாவூர் கிழக்கு ஒன்றியம்
அமைப்பாளர் - ச. கோபாலகிருஷ்ணன் 10, தமிழர் தெரு, கீழப்பாவூர், தென்காசி மாவட்டம்.
துணை அமைப்பாளர்கள் - 1) மா. இசக்கிமுத்து 48, வணிகர் பிள்ளையார் கோவில் தெரு, கீழப்பாவூர், தென்காசி மாவட்டம். 2) கா. சந்திரராஜன் காளியம்மன் நகர், பூலாங்குளம், தென்காசி. 3) ரா. நாகமுத்து மாரியம்மன் கோவில் தெரு, முத்துகிருஷ்ணபேரி, சுரண்டை, தென்காசி. 4) த. தங்கதுரை 53/3, மெயின் ரோடு, ராமநாதபுரம் அடைக்கலப்பட்டணம், தென்காசி.
கீழப்பாவூர் மேற்கு ஒன்றியம்
அமைப்பாளர் - க. பூசைபாண்டி 7/24, சுடலைமாடசாமி கோவில் தெரு, ஆரியங்காவூர், தென்காசி மாவட்டம்.
துணை அமைப்பாளர்கள் - 1) அ. தமிழ்ச்செல்வன் 14/236, சந்தை தெரு, பாவூர் சத்திரம். 2) இரா. பொற்கொடியன் 9/121, கிழக்கு தெரு, முப்புடியூர், தென்காசி.
3) இ. இசக்கி 4/25, வீரபாண்டி ரோடு, வீ.கே. புதூர், தென்காசி. 4) எ. துரைப்பாண்டி 11/34, கீழத் தெரு, வீரகேரியபுரம், திப்பணம்பட்டி. 5) ஞா. ஆலய அந்தோணிசாமி 7/259, காந்தி நகர், தென்காசி.
செங்கோட்டை ஒன்றியம்
அமைப்பாளர் - செ. முத்துக்குமார் 2/12/58, பாக்கிய நகர் தெற்கு மேடு, புளியரை, தென்காசி.
துணை அமைப்பாளர்கள் - 1) பெ. குமாரசாமி 4/2/25, பண்டிய மெயின் ரோடு, புளியரை, செங்கோட்டை. 2) அ. நாராயணன் 2/3/16, இலஞ்சி. 3) கு. முகமது அலி 3/12, கிழக்கு தெரு, செங்கோட்டை. 4) ச. தனராஜ் 13/3/38, தெற்கு தெரு, செங்கோட்டை. 5) க. பெருமாள் தெரு, செங்கோட்டை.
கடையநல்லூர் ஒன்றியம்
அமைப்பாளர் - க. சாமிய மெயின் ரோடு, சிங்கிலிபட்டி, தென்காசி மாவட்டம் - 627855.
துணை அமைப்பாளர்கள் - 1) கா.முத்தாலிங்கம் ஊராண்டித் தெரு, சின்னதம்பி நாடானூர், தென்காசி. 2) கா. சுப்பிரமணியன் 9வது வார்டு, அம்மையப்பபுரம், தென்காசி. 3) கோ. முருகன் நடுத்தெரு, கிருஷ்ணாபுரம். 4) கு. சந்திரமோகன் அம்பை ரோடு, கடையநல்லூர். 5) வீ. முத்துப்பாண்டி, கடையநல்லூர், தென்காசி.
கடையம் வடக்கு ஒன்றியம்
அமைப்பாளர் - ச. முருகக்கண்ணன் மாதாபுரம், கீழக்கடையம் ஊராட்சி, தென்காசி மாவட்டம்.
துணை அமைப்பாளர்கள் - 1) ரா. சிதம்பர கிருஷ்ணன் மேட்டூர், கடையம். 2) கி. இசக்கிமுத்து அம்பை தெரு, வாகைகுளம். 3) த. தங்கதுரை ராமர் கோவில் தெரு, கீழக்கடையம். 4) ச. ஆறுமுகம், ரவணசமுத்திரம். 5) சி. ராஜ் 6/153, தெற்கு தெரு, அருணாசலபுரம், தென்காசி மாவட்டம்.
கடையம் தெற்கு ஒன்றியம்
அமைப்பாளர் - அ. ஹரிஹரன் கீழ்க்கடையம், சம்பன்குளம், தென்காசி மாவட்டம்.
துணை அமைப்பாளர்கள் - 1) மாசிலாமணி சாந்தி தெரு, டாணாபட்டி. 2) மு. முருகன் பாரதி நகர், கடையம். 3) சு. சுப்பையா அம்மன் கோவில் தெரு, ஆழ்வார்குறிச்சி. 4) ஆ. சுந்தர் மங்களாபுரம், சிவசைலம்.
பாப்பாக்குடி ஒன்றியம்
அமைப்பாளர் - மு. அஜித்சிவாராஜா 6/1, முத்துமாலை தெரு, சடையப்புரம், முக்கூடல், தென்காசி மாவட்டம்.
துணை அமைப்பாளர்கள் - 1) ஈ. பெருமாள் முப்புடாதி அம்மன் கோவில் தெரு, ஓடைகரை, தென்காசி. 2) சொ. ராமசாமி முக்கூடல் - 627601. 3) வே. ஆனந்த் 75/பி, 2 மாடசாமி கோவில் தெரு, பாப்பாக்குடி - 627602.
ஆலங்குளம் வடக்கு ஒன்றியம்
அமைப்பாளர் - மை. பால்துரை 5/25, கீழத் தெரு, கரடு வத்தா, தென்காசி மாவட்டம்.
துணை அமைப்பாளர்கள் - 1) தி. கூட்டாளி 2, வடக்கு தெரு, பலபத்திரராமபுரம். 2) இ. வேல்முருகன் 2/174, வி.வி. நகர், நெட்டூர். 3) கா. செல்வம் ஊத்துமலை. 4) க. அப்துல்லா 2/641, நடுத் தெரு, வீராணம். 5) மா. மாடசாமி, கடங்கநேரி, தென்காசி மாவட்டம்.
ஆலங்குளம் தெற்கு ஒன்றியம்
அமைப்பாளர் - த. ஆனந்த் இசக்கிமுத்து மெயின் ரோடு, குறிப்பன்குளம், ஆலங்குளம், தென்காசி மாவட்டம்.
துணை அமைப்பாளர்கள் - 1) சு. அரிசுதன் 2/343, பெருமாள் ரோடு, நெட்டூர். 2) கணேசன் 3/32/ஓ, கீழப்பாவூர். 3) ச. முத்துக்குமார். 4) ஜீ. முத்துராஜ் 1/57, கீழத் தெரு, கடங்கநேரி.
தென்காசி நகரம்
அமைப்பாளர் - மை. அஷ்ரஃப் அலி 534, வடக்கு மவுண்ட் ரோடு, தென்காசி.
துணை அமைப்பாளர்கள் - 1) மை. அசாருதீன் 23/10, பாறையடி 2ம் தெரு, தென்காசி. 2) ஆ. பாண்டியராஜ் எல்.ஆர். எஸ். பாளையம் தெரு, தென்காசி. 3) ஜ. ஜெயக்குமார் 23/5, முதலியார் பள்ளிவாசல் தெரு, தென்காசி. 4) செ. தமிழ்செல்வன் 230, வடக்கு மாசி தெரு. 5) சி. சங்கரநாதன் 152/277, தென்காசி மாவட்டம்.
கடையநல்லூர் நகரம்
அமைப்பாளர் - ரா. சுப்பிரமணியன் 6/13, கண்ணன் தெரு, கிருஷ்ணாபுரம், கடையநல்லூர் - 627751.
துணை அமைப்பாளர்கள் - 1) செ. கோதரிஷா 19/9, மதீனா நகர் வடிவு தெரு, கடையநல்லூர் - 627751. 2) ரா. முத்துசாமி. 3) ப. முருகன், கடையநல்லூர் - 627759. 4) பே. ஹாலம் பீவி, கடையநல்லூர். 5) க. காளிதாஸ் மேலக்கடையநல்லூர், தென்காசி மாவட்டம்.
சுரண்டை நகரம்
அமைப்பாளர் - த. மாரியப்பன் 8/235, மாரியம்மன் தெரு, சுரண்டை, தென்காசி மாவட்டம்.
துணை அமைப்பாளர்கள் - 1) மு. ராஜ்குமார் 315/1/19, அம்மன் கோவில் தெரு, சுரண்டை. 2) கோ. ராமகிருஷ்ணன் 14/9/102, பண்டிய கீழ்த் தெரு. 3) ஏ. நேசமணி 17/6/2/3. 4) ஆ. சின்னதுரை 84/51, பேருந்து நிலையம், சுரண்டை.
செங்கோட்டை நகரம்
அமைப்பாளர் - மு. சேட்டு (எ) சேக்மதார், 141/5ஓ, பம்பு ஹவுஸ் ரோடு, செங்கோட்டை, தென்காசி மாவட்டம் - 627809.
துணை அமைப்பாளர்கள் - 1) கி. ஆறுமுகம் 24, திருநாங்கைல்கோவில் தெரு, செங்கோட்டை - 627809. 2) மு. நாகூர் கனி 167/74, மேலவரிசை தெரு, செங்கோட்டை - 627809. 3) ச. செல்வகணேசன் 50, ராமசாமி தெரு, செங்கோட்டை - 627809. 4) வே. வேணேசன் 15/25, சுப்பிரமணியன் கோவில் தெரு, செங்கோட்டை - 627809. 5) க. கண்ணன் வைகை வீதி, செங்கோட்டை - 627809.
தொடர்ச்சி 21-ஆம் பக்கம்
